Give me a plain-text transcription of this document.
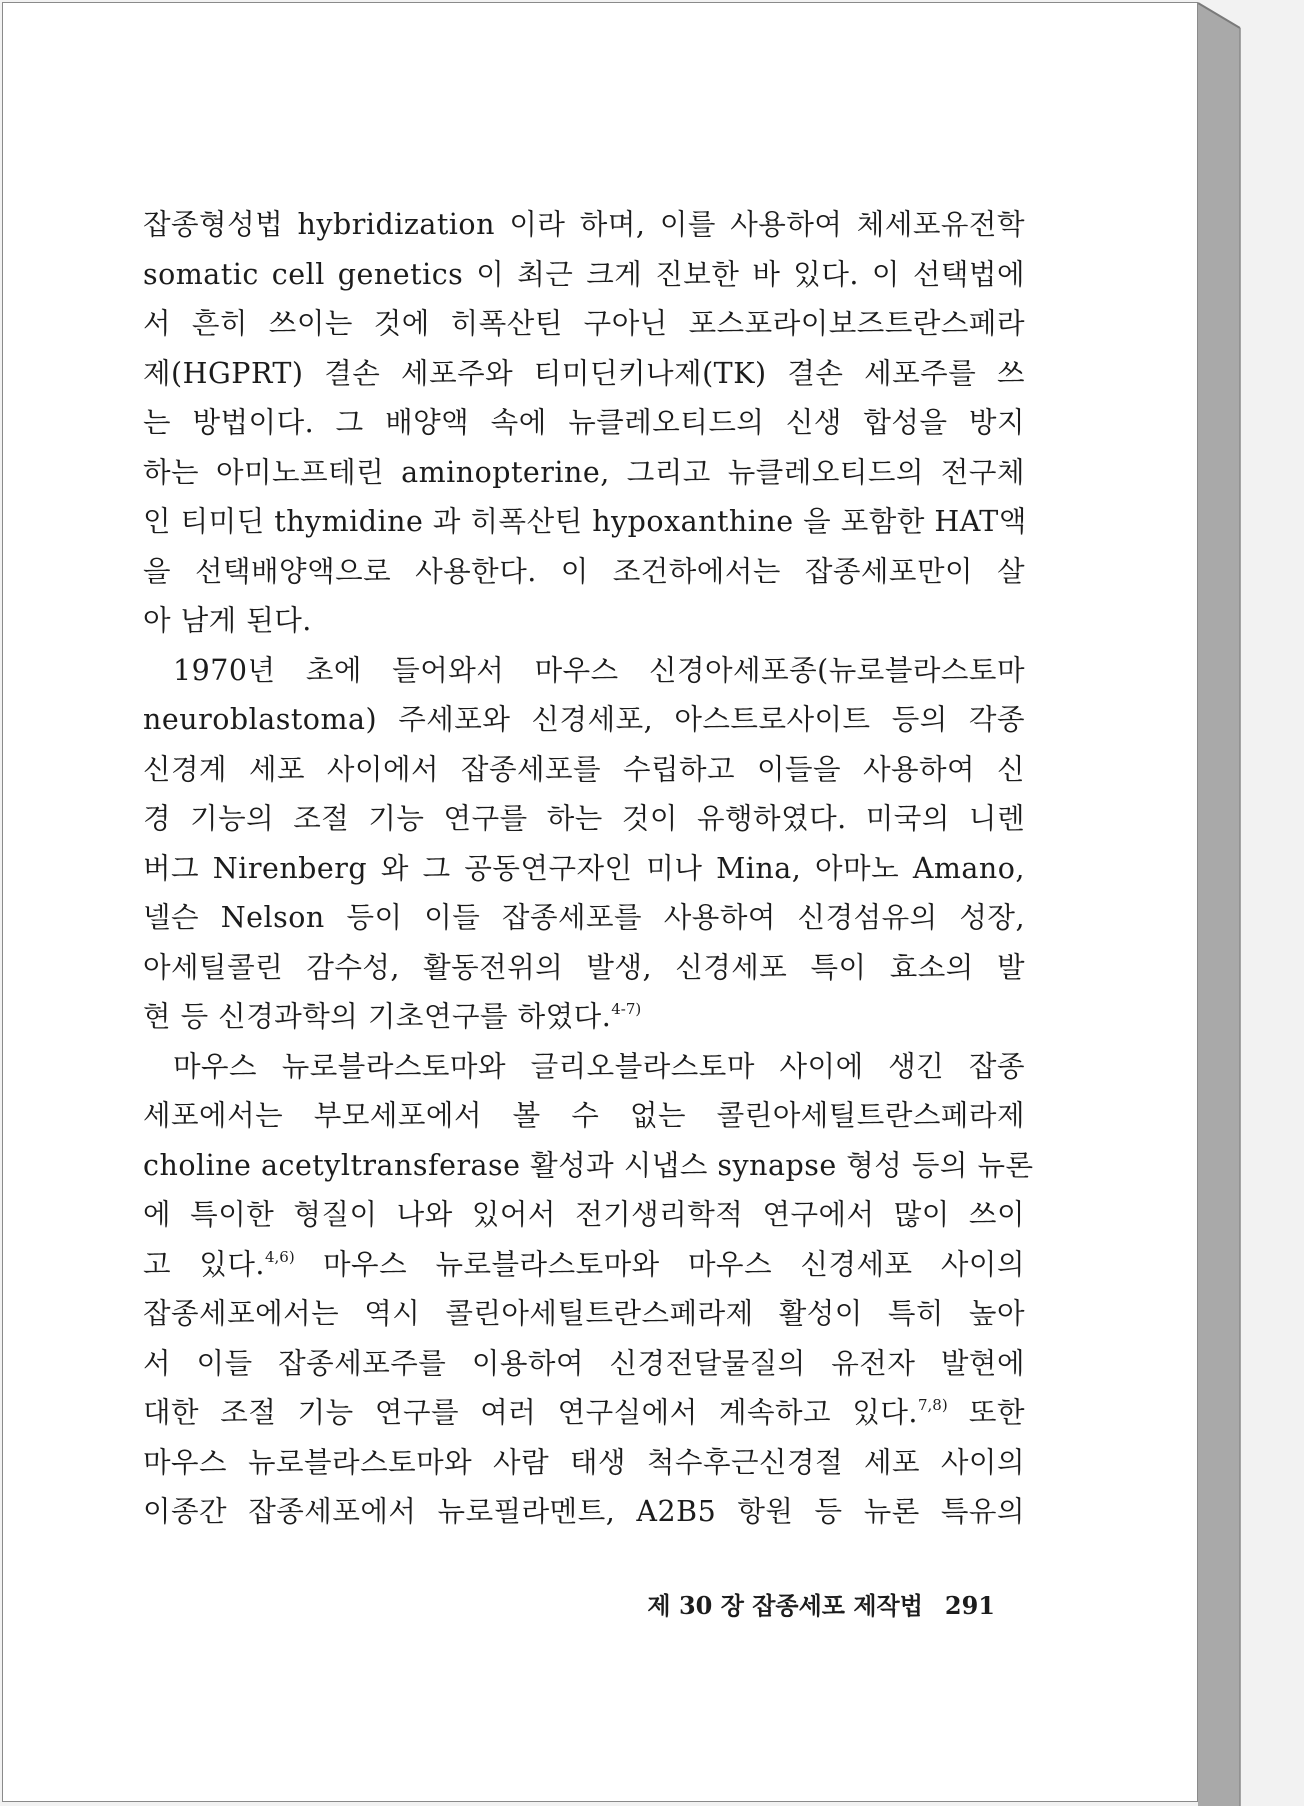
잡종형성법 hybridization 이라 하며, 이를 사용하여 체세포유전학
somatic cell genetics 이 최근 크게 진보한 바 있다. 이 선택법에
서 흔히 쓰이는 것에 히폭산틴 구아닌 포스포라이보즈트란스페라
제(HGPRT) 결손 세포주와 티미딘키나제(TK) 결손 세포주를 쓰
는 방법이다. 그 배양액 속에 뉴클레오티드의 신생 합성을 방지
하는 아미노프테린 aminopterine, 그리고 뉴클레오티드의 전구체
인 티미딘 thymidine 과 히폭산틴 hypoxanthine 을 포함한 HAT액
을 선택배양액으로 사용한다. 이 조건하에서는 잡종세포만이 살
아 남게 된다.
1970년 초에 들어와서 마우스 신경아세포종(뉴로블라스토마
neuroblastoma) 주세포와 신경세포, 아스트로사이트 등의 각종
신경계 세포 사이에서 잡종세포를 수립하고 이들을 사용하여 신
경 기능의 조절 기능 연구를 하는 것이 유행하였다. 미국의 니렌
버그 Nirenberg 와 그 공동연구자인 미나 Mina, 아마노 Amano,
넬슨 Nelson 등이 이들 잡종세포를 사용하여 신경섬유의 성장,
아세틸콜린 감수성, 활동전위의 발생, 신경세포 특이 효소의 발
현 등 신경과학의 기초연구를 하였다.$^{4-7)}$
마우스 뉴로블라스토마와 글리오블라스토마 사이에 생긴 잡종
세포에서는 부모세포에서 볼 수 없는 콜린아세틸트란스페라제
choline acetyltransferase 활성과 시냅스 synapse 형성 등의 뉴론
에 특이한 형질이 나와 있어서 전기생리학적 연구에서 많이 쓰이
고 있다.$^{4,6)}$ 마우스 뉴로블라스토마와 마우스 신경세포 사이의
잡종세포에서는 역시 콜린아세틸트란스페라제 활성이 특히 높아
서 이들 잡종세포주를 이용하여 신경전달물질의 유전자 발현에
대한 조절 기능 연구를 여러 연구실에서 계속하고 있다.$^{7,8)}$ 또한
마우스 뉴로블라스토마와 사람 태생 척수후근신경절 세포 사이의
이종간 잡종세포에서 뉴로필라멘트, A2B5 항원 등 뉴론 특유의
제 30 장 잡종세포 제작법 291
